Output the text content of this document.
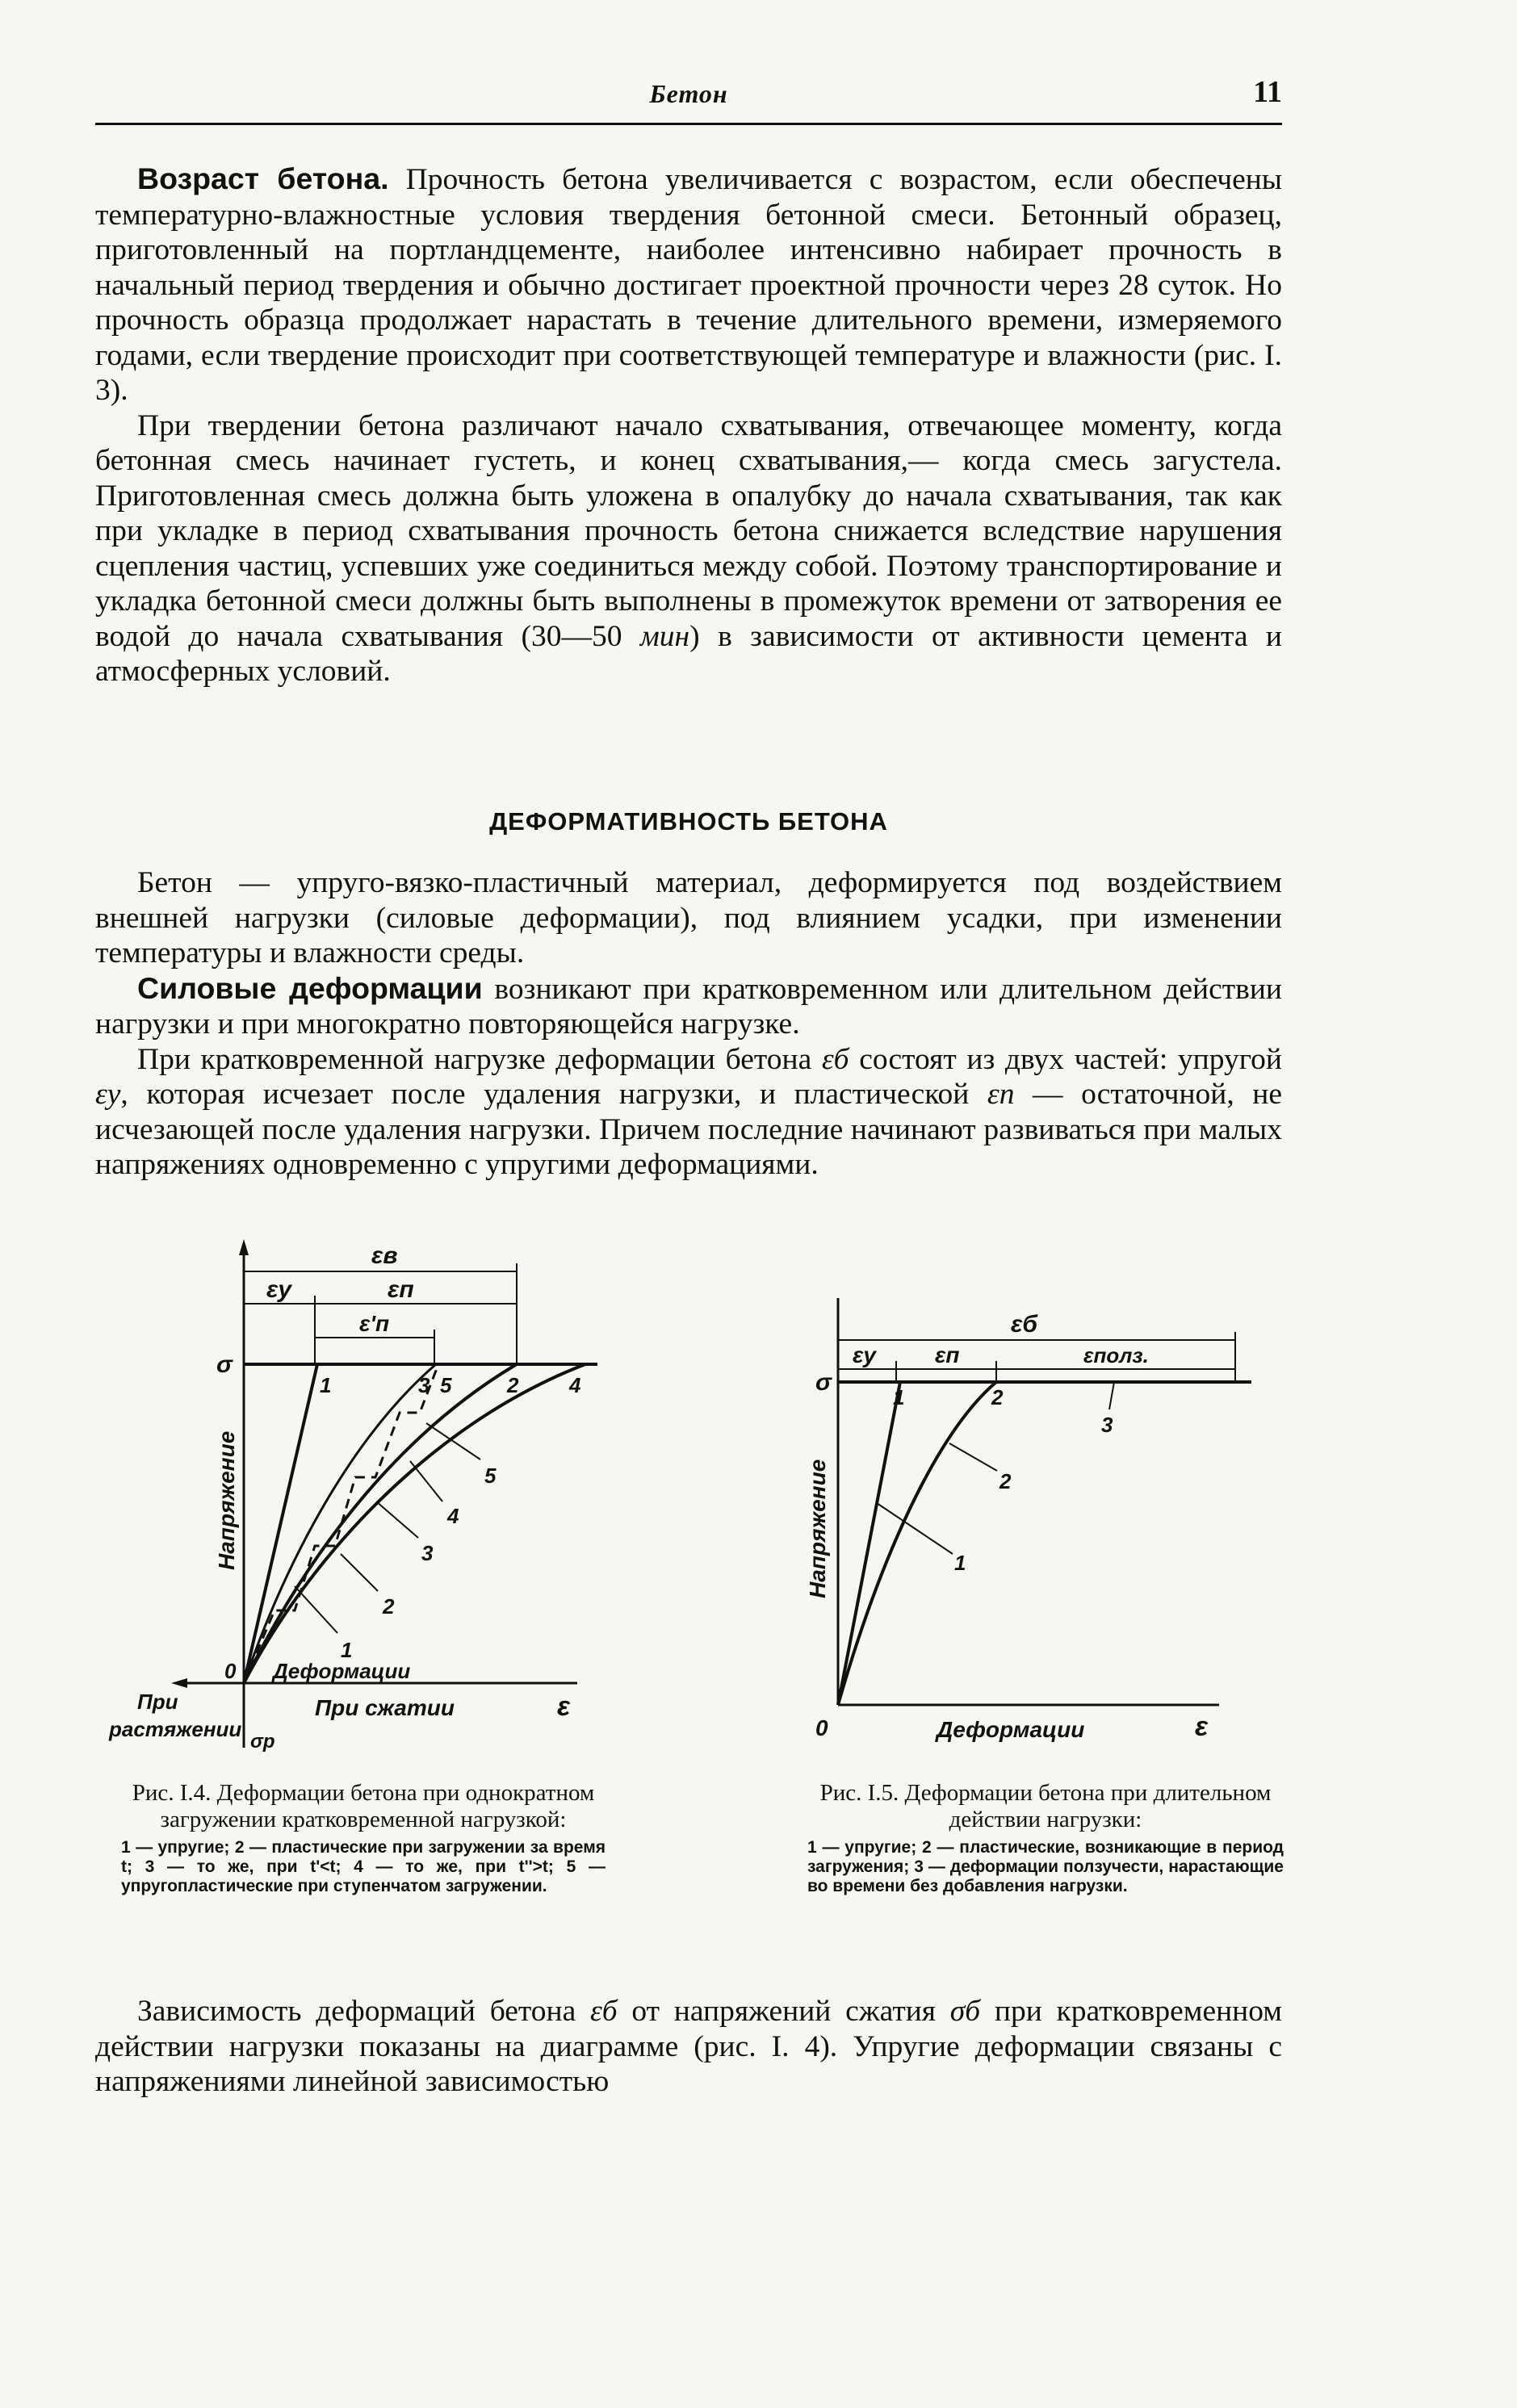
Бетон	11

Возраст бетона. Прочность бетона увеличивается с возрастом, если обеспечены температурно-влажностные условия твердения бетонной смеси. Бетонный образец, приготовленный на портландцементе, наиболее интенсивно набирает прочность в начальный период твердения и обычно достигает проектной прочности через 28 суток. Но прочность образца продолжает нарастать в течение длительного времени, измеряемого годами, если твердение происходит при соответствующей температуре и влажности (рис. I. 3).

При твердении бетона различают начало схватывания, отвечающее моменту, когда бетонная смесь начинает густеть, и конец схватывания,— когда смесь загустела. Приготовленная смесь должна быть уложена в опалубку до начала схватывания, так как при укладке в период схватывания прочность бетона снижается вследствие нарушения сцепления частиц, успевших уже соединиться между собой. Поэтому транспортирование и укладка бетонной смеси должны быть выполнены в промежуток времени от затворения ее водой до начала схватывания (30—50 мин) в зависимости от активности цемента и атмосферных условий.

ДЕФОРМАТИВНОСТЬ БЕТОНА

Бетон — упруго-вязко-пластичный материал, деформируется под воздействием внешней нагрузки (силовые деформации), под влиянием усадки, при изменении температуры и влажности среды.

Силовые деформации возникают при кратковременном или длительном действии нагрузки и при многократно повторяющейся нагрузке.

При кратковременной нагрузке деформации бетона εб состоят из двух частей: упругой εу, которая исчезает после удаления нагрузки, и пластической εп — остаточной, не исчезающей после удаления нагрузки. Причем последние начинают развиваться при малых напряжениях одновременно с упругими деформациями.

εв
εу	εп
ε'п
σ
Напряжение
0 Деформации
При
растяжении
При сжатии	ε
σр
1	3 5	2 4
1
2
3
4
5
Рис. I.4. Деформации бетона при однократном загружении кратковременной нагрузкой:
1 — упругие; 2 — пластические при загружении за время t; 3 — то же, при t'<t; 4 — то же, при t''>t; 5 — упругопластические при ступенчатом загружении.
εб
εу	εп	εполз.
σ
Напряжение
0	Деформации	ε
1	2
1
2
3
Рис. I.5. Деформации бетона при длительном действии нагрузки:
1 — упругие; 2 — пластические, возникающие в период загружения; 3 — деформации ползучести, нарастающие во времени без добавления нагрузки.

Зависимость деформаций бетона εб от напряжений сжатия σб при кратковременном действии нагрузки показаны на диаграмме (рис. I. 4). Упругие деформации связаны с напряжениями линейной зависимостью
